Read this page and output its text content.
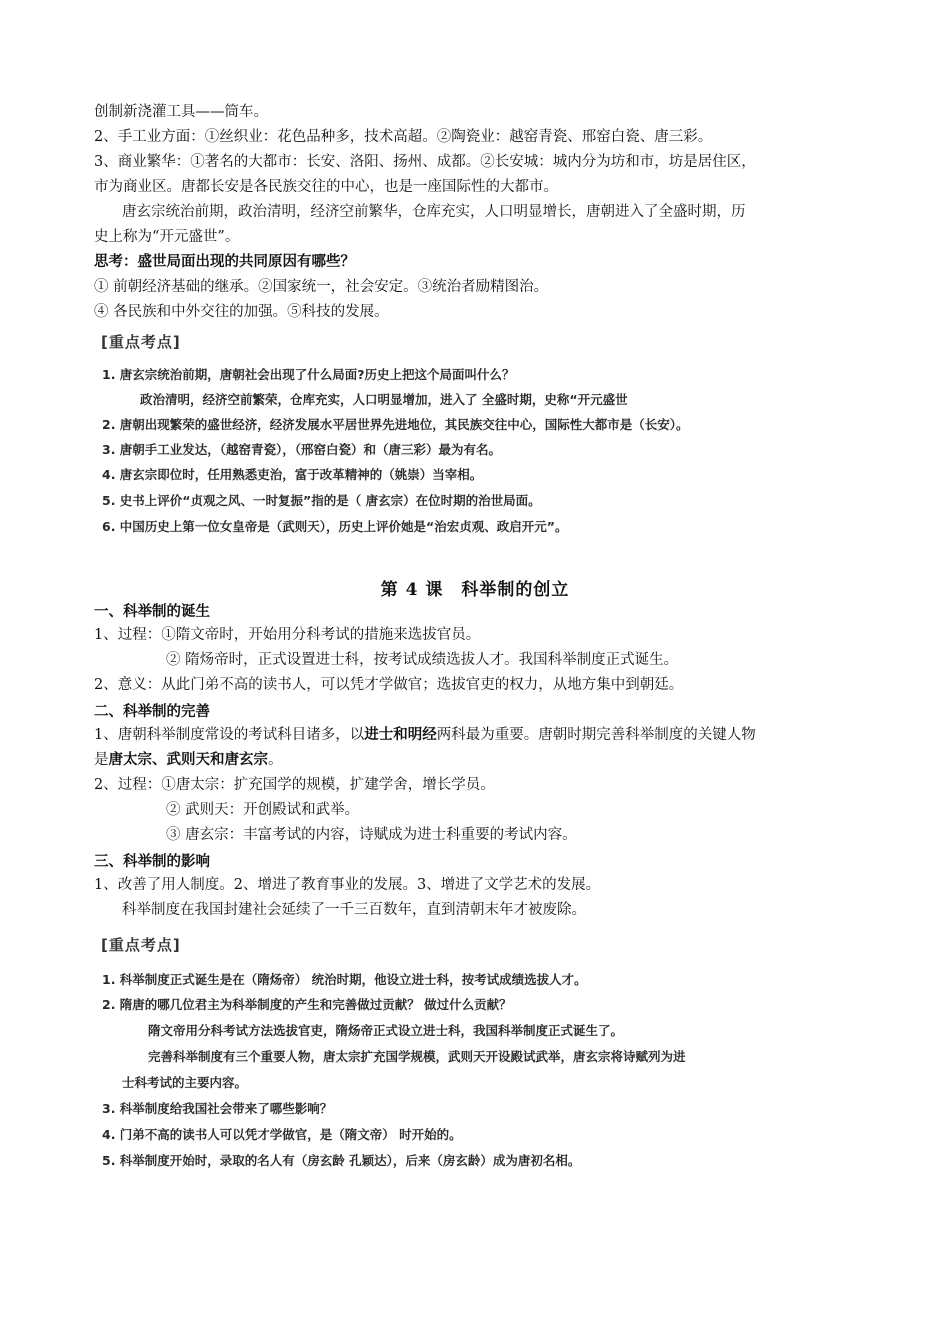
创制新浇灌工具——筒车。
2、手工业方面：①丝织业：花色品种多，技术高超。②陶瓷业：越窑青瓷、邢窑白瓷、唐三彩。
3、商业繁华：①著名的大都市：长安、洛阳、扬州、成都。②长安城：城内分为坊和市，坊是居住区，
市为商业区。唐都长安是各民族交往的中心，也是一座国际性的大都市。
唐玄宗统治前期，政治清明，经济空前繁华，仓库充实，人口明显增长，唐朝进入了全盛时期，历
史上称为“开元盛世”。
思考：盛世局面出现的共同原因有哪些？
① 前朝经济基础的继承。②国家统一，社会安定。③统治者励精图治。
④ 各民族和中外交往的加强。⑤科技的发展。
[重点考点]
1. 唐玄宗统治前期，唐朝社会出现了什么局面?历史上把这个局面叫什么？
政治清明，经济空前繁荣，仓库充实，人口明显增加，进入了 全盛时期，史称“开元盛世
2. 唐朝出现繁荣的盛世经济，经济发展水平居世界先进地位，其民族交往中心，国际性大都市是（长安）。
3. 唐朝手工业发达，（越窑青瓷），（邢窑白瓷）和（唐三彩）最为有名。
4. 唐玄宗即位时，任用熟悉吏治，富于改革精神的（姚崇）当宰相。
5. 史书上评价“贞观之风、一时复振”指的是（ 唐玄宗）在位时期的治世局面。
6. 中国历史上第一位女皇帝是（武则天），历史上评价她是“治宏贞观、政启开元”。
第 4 课　科举制的创立
一、科举制的诞生
1、过程：①隋文帝时，开始用分科考试的措施来选拔官员。
② 隋炀帝时，正式设置进士科，按考试成绩选拔人才。我国科举制度正式诞生。
2、意义：从此门弟不高的读书人，可以凭才学做官；选拔官吏的权力，从地方集中到朝廷。
二、科举制的完善
1、唐朝科举制度常设的考试科目诸多，以进士和明经两科最为重要。唐朝时期完善科举制度的关键人物
是唐太宗、武则天和唐玄宗。
2、过程：①唐太宗：扩充国学的规模，扩建学舍，增长学员。
② 武则天：开创殿试和武举。
③ 唐玄宗：丰富考试的内容，诗赋成为进士科重要的考试内容。
三、科举制的影响
1、改善了用人制度。2、增进了教育事业的发展。3、增进了文学艺术的发展。
科举制度在我国封建社会延续了一千三百数年，直到清朝末年才被废除。
[重点考点]
1. 科举制度正式诞生是在（隋炀帝） 统治时期，他设立进士科，按考试成绩选拔人才。
2. 隋唐的哪几位君主为科举制度的产生和完善做过贡献？ 做过什么贡献？
隋文帝用分科考试方法选拔官吏，隋炀帝正式设立进士科，我国科举制度正式诞生了。
完善科举制度有三个重要人物，唐太宗扩充国学规模，武则天开设殿试武举，唐玄宗将诗赋列为进
士科考试的主要内容。
3. 科举制度给我国社会带来了哪些影响？
4. 门弟不高的读书人可以凭才学做官，是（隋文帝） 时开始的。
5. 科举制度开始时，录取的名人有（房玄龄 孔颖达），后来（房玄龄）成为唐初名相。
